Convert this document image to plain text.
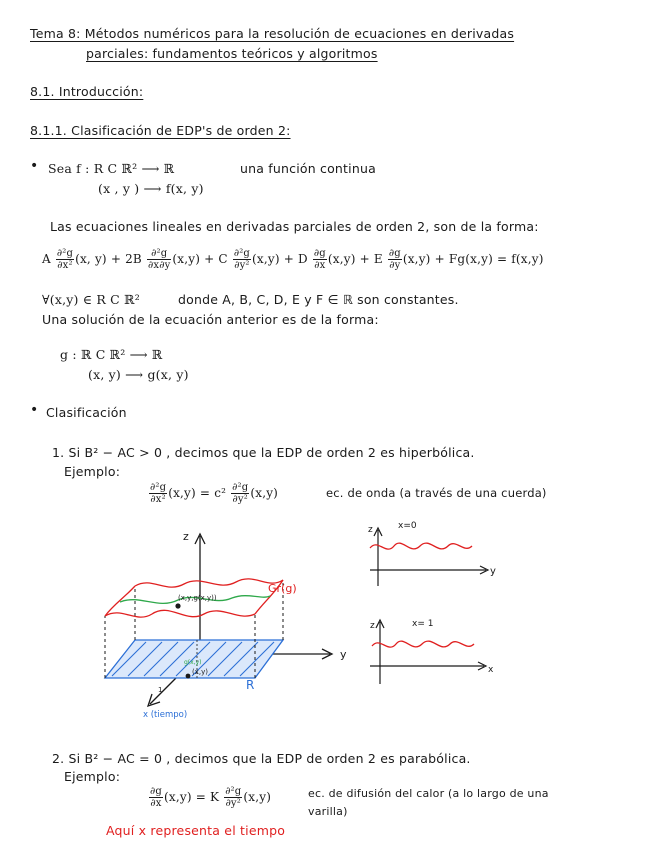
Tema 8: Métodos numéricos para la resolución de ecuaciones en derivadas
parciales: fundamentos teóricos y algoritmos
8.1. Introducción:
8.1.1. Clasificación de EDP's de orden 2:
• Sea f : R C ℝ² ⟶ ℝ	una función continua
(x , y ) ⟶ f(x, y)
Las ecuaciones lineales en derivadas parciales de orden 2, son de la forma:
A $\frac{\text{∂²g}}{\text{∂x²}} (x$, $y) + 2B \frac{\text{∂²g}}{\partial x\partial y} (x,y) + C \frac{\text{∂²g}}{\text{∂y²}} (x,y) + D \frac{\partial g}{\partial x} (x,y) + E \frac{\partial g}{\partial y} (x,y) + Fg(x,y) = f(x,y)$
∀(x,y) ∈ R C ℝ²	donde A, B, C, D, E y F ∈ ℝ son constantes.
Una solución de la ecuación anterior es de la forma:
g : ℝ C ℝ² ⟶ ℝ
(x, y) ⟶ g(x, y)
• Clasificación
1. Si B² − AC > 0 , decimos que la EDP de orden 2 es hiperbólica.
Ejemplo:
$\frac{\text{∂²g}}{\text{∂x²}} (x,y) = c^2 \frac{\text{∂²g}}{\text{∂y²}} (x,y)$	ec. de onda (a través de una cuerda)
z
y
x (tiempo)
1	R
Gr(g)
(x,y,g(x,y))
(x,y)
g(x,y)
z
y
x=0
z
x
x= 1
2. Si B² − AC = 0 , decimos que la EDP de orden 2 es parabólica.
Ejemplo:
$\frac{\partial g}{\partial x} (x,y) = K \frac{\text{∂²g}}{\text{∂y²}} (x,y)$	ec. de difusión del calor (a lo largo de una
varilla)
Aquí x representa el tiempo
